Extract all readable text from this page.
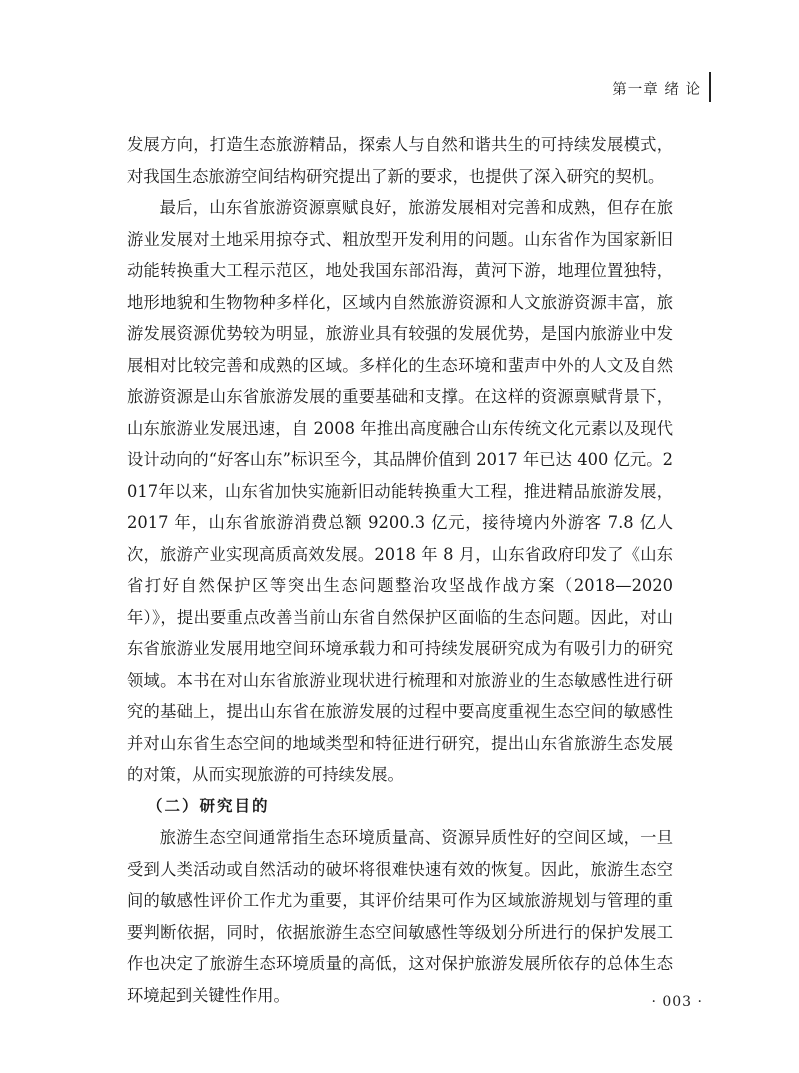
第一章 绪 论

发展方向，打造生态旅游精品，探索人与自然和谐共生的可持续发展模式，对我国生态旅游空间结构研究提出了新的要求，也提供了深入研究的契机。

最后，山东省旅游资源禀赋良好，旅游发展相对完善和成熟，但存在旅游业发展对土地采用掠夺式、粗放型开发利用的问题。山东省作为国家新旧动能转换重大工程示范区，地处我国东部沿海，黄河下游，地理位置独特，地形地貌和生物物种多样化，区域内自然旅游资源和人文旅游资源丰富，旅游发展资源优势较为明显，旅游业具有较强的发展优势，是国内旅游业中发展相对比较完善和成熟的区域。多样化的生态环境和蜚声中外的人文及自然旅游资源是山东省旅游发展的重要基础和支撑。在这样的资源禀赋背景下，山东旅游业发展迅速，自 2008 年推出高度融合山东传统文化元素以及现代设计动向的“好客山东”标识至今，其品牌价值到 2017 年已达 400 亿元。2017年以来，山东省加快实施新旧动能转换重大工程，推进精品旅游发展，2017 年，山东省旅游消费总额 9200.3 亿元，接待境内外游客 7.8 亿人次，旅游产业实现高质高效发展。2018 年 8 月，山东省政府印发了《山东省打好自然保护区等突出生态问题整治攻坚战作战方案（2018—2020 年）》，提出要重点改善当前山东省自然保护区面临的生态问题。因此，对山东省旅游业发展用地空间环境承载力和可持续发展研究成为有吸引力的研究领域。本书在对山东省旅游业现状进行梳理和对旅游业的生态敏感性进行研究的基础上，提出山东省在旅游发展的过程中要高度重视生态空间的敏感性并对山东省生态空间的地域类型和特征进行研究，提出山东省旅游生态发展的对策，从而实现旅游的可持续发展。

（二）研究目的

旅游生态空间通常指生态环境质量高、资源异质性好的空间区域，一旦受到人类活动或自然活动的破坏将很难快速有效的恢复。因此，旅游生态空间的敏感性评价工作尤为重要，其评价结果可作为区域旅游规划与管理的重要判断依据，同时，依据旅游生态空间敏感性等级划分所进行的保护发展工作也决定了旅游生态环境质量的高低，这对保护旅游发展所依存的总体生态环境起到关键性作用。	· 003 ·
